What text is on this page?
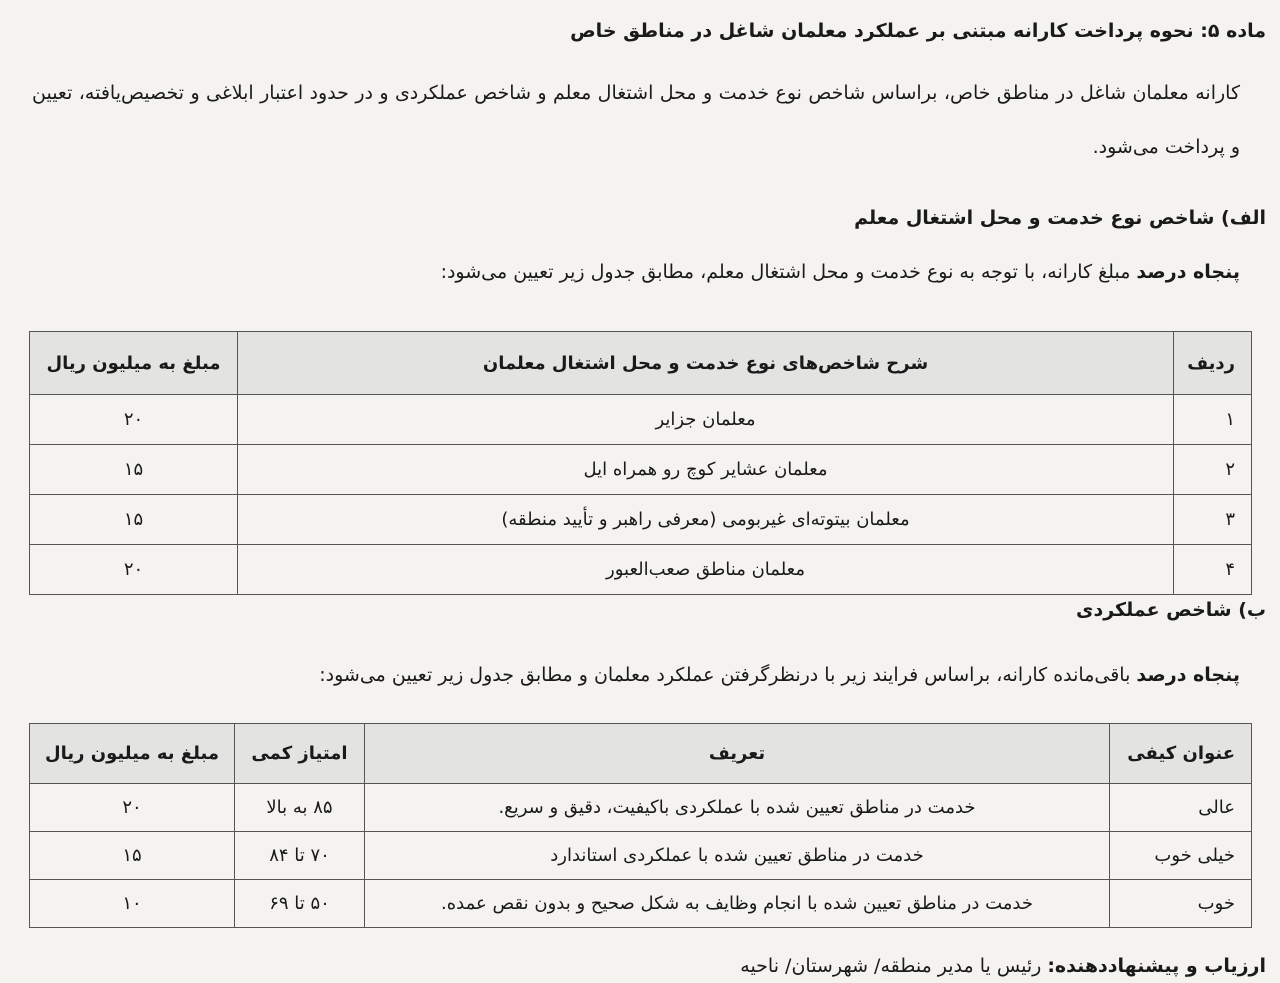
ماده ۵: نحوه پرداخت کارانه مبتنی بر عملکرد معلمان شاغل در مناطق خاص
کارانه معلمان شاغل در مناطق خاص، براساس شاخص نوع خدمت و محل اشتغال معلم و شاخص عملکردی و در حدود اعتبار ابلاغی و تخصیص‌یافته، تعیین و پرداخت می‌شود.
الف) شاخص نوع خدمت و محل اشتغال معلم
پنجاه درصد مبلغ کارانه، با توجه به نوع خدمت و محل اشتغال معلم، مطابق جدول زیر تعیین می‌شود:
ردیف	شرح شاخص‌های نوع خدمت و محل اشتغال معلمان	مبلغ به میلیون ریال
۱	معلمان جزایر	۲۰
۲	معلمان عشایر کوچ رو همراه ایل	۱۵
۳	معلمان بیتوته‌ای غیربومی (معرفی راهبر و تأیید منطقه)	۱۵
۴	معلمان مناطق صعب‌العبور	۲۰
ب) شاخص عملکردی
پنجاه درصد باقی‌مانده کارانه، براساس فرایند زیر با درنظرگرفتن عملکرد معلمان و مطابق جدول زیر تعیین می‌شود:
عنوان کیفی	تعریف	امتیاز کمی	مبلغ به میلیون ریال
عالی	خدمت در مناطق تعیین شده با عملکردی باکیفیت، دقیق و سریع.	۸۵ به بالا	۲۰
خیلی خوب	خدمت در مناطق تعیین شده با عملکردی استاندارد	۷۰ تا ۸۴	۱۵
خوب	خدمت در مناطق تعیین شده با انجام وظایف به شکل صحیح و بدون نقص عمده.	۵۰ تا ۶۹	۱۰
ارزیاب و پیشنهاددهنده: رئیس یا مدیر منطقه/ شهرستان/ ناحیه
